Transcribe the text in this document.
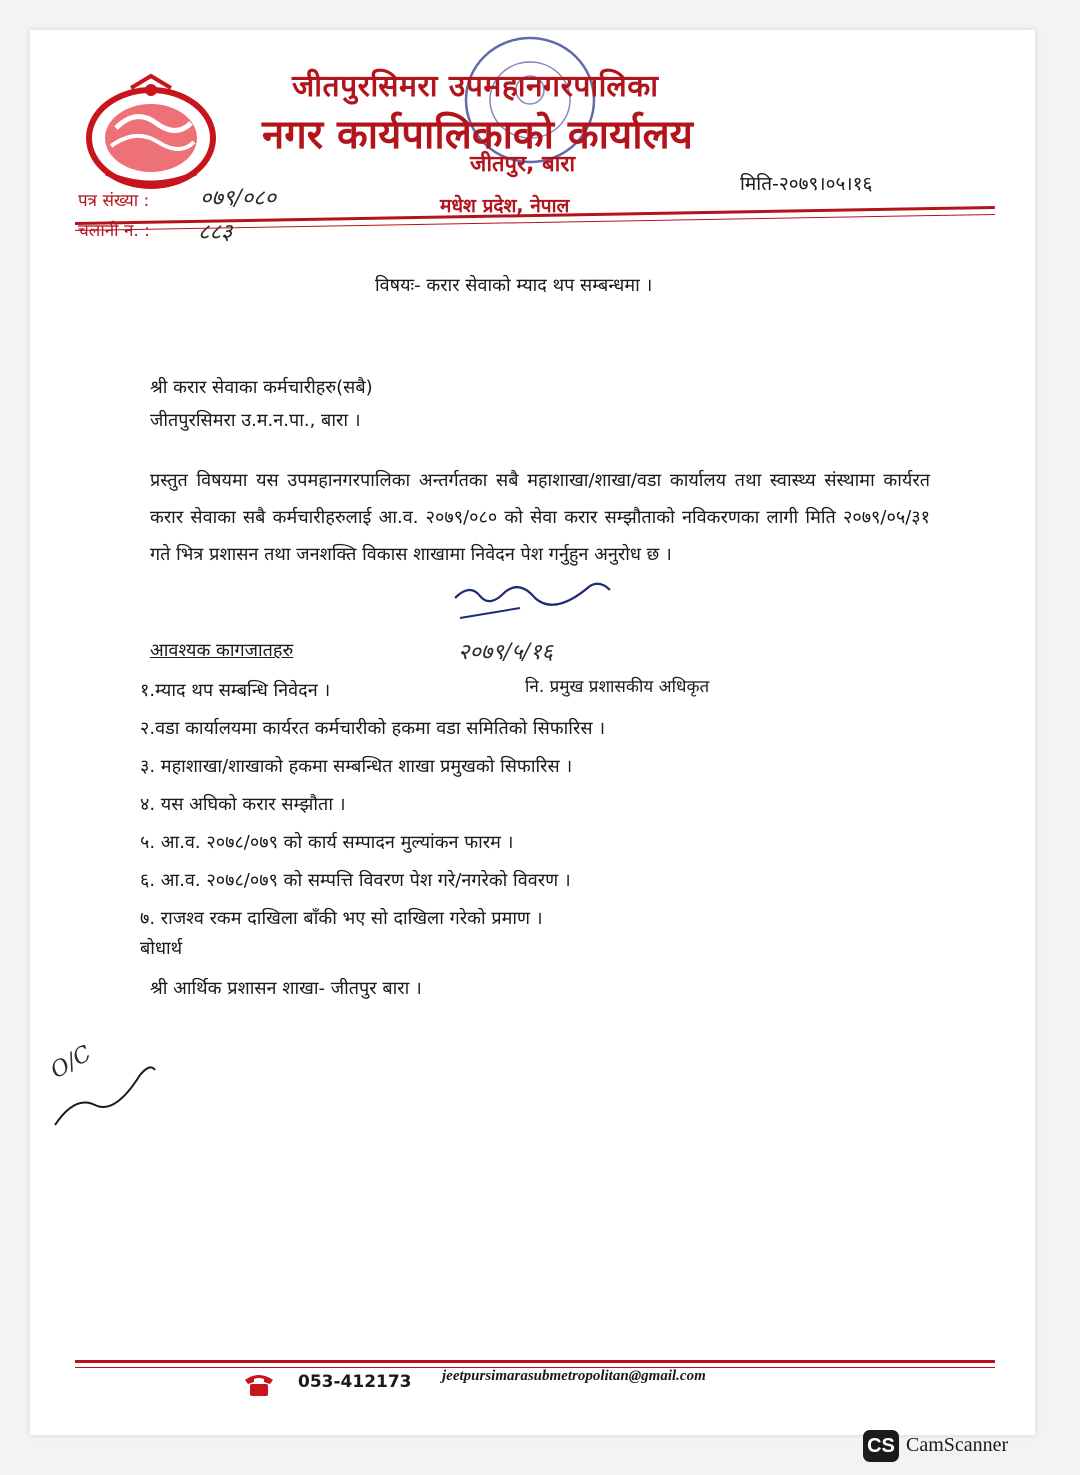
जीतपुरसिमरा उपमहानगरपालिका
नगर कार्यपालिकाको कार्यालय
जीतपुर, बारा
मधेश प्रदेश, नेपाल
मिति-२०७९।०५।१६
पत्र संख्या : ०७९/०८०
चलानी नं. : ८८३
विषयः- करार सेवाको म्याद थप सम्बन्धमा ।
श्री करार सेवाका कर्मचारीहरु(सबै)
जीतपुरसिमरा उ.म.न.पा., बारा ।
प्रस्तुत विषयमा यस उपमहानगरपालिका अन्तर्गतका सबै महाशाखा/शाखा/वडा कार्यालय तथा स्वास्थ्य संस्थामा कार्यरत करार सेवाका सबै कर्मचारीहरुलाई आ.व. २०७९/०८० को सेवा करार सम्झौताको नविकरणका लागी मिति २०७९/०५/३१ गते भित्र प्रशासन तथा जनशक्ति विकास शाखामा निवेदन पेश गर्नुहुन अनुरोध छ ।
२०७९/५/१६
नि. प्रमुख प्रशासकीय अधिकृत
आवश्यक कागजातहरु
१.म्याद थप सम्बन्धि निवेदन ।
२.वडा कार्यालयमा कार्यरत कर्मचारीको हकमा वडा समितिको सिफारिस ।
३. महाशाखा/शाखाको हकमा सम्बन्धित शाखा प्रमुखको सिफारिस ।
४. यस अघिको करार सम्झौता ।
५. आ.व. २०७८/०७९ को कार्य सम्पादन मुल्यांकन फारम ।
६. आ.व. २०७८/०७९ को सम्पत्ति विवरण पेश गरे/नगरेको विवरण ।
७. राजश्व रकम दाखिला बाँकी भए सो दाखिला गरेको प्रमाण ।
बोधार्थ
श्री आर्थिक प्रशासन शाखा- जीतपुर बारा ।
O/C
053-412173 jeetpursimarasubmetropolitan@gmail.com
CS CamScanner
